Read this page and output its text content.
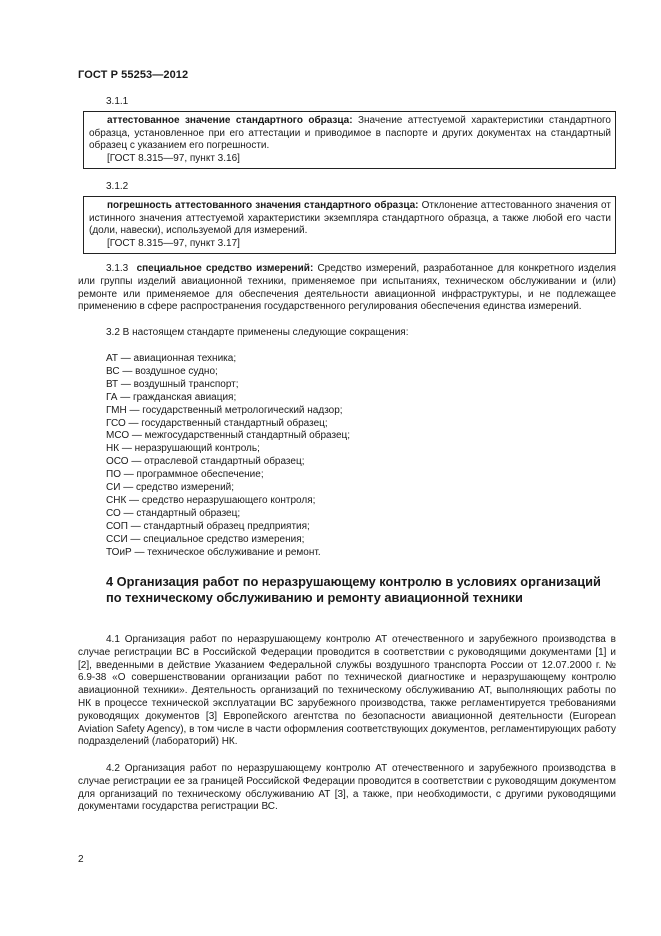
ГОСТ Р 55253—2012
3.1.1

аттестованное значение стандартного образца: Значение аттестуемой характеристики стандартного образца, установленное при его аттестации и приводимое в паспорте и других документах на стандартный образец с указанием его погрешности.

[ГОСТ 8.315—97, пункт 3.16]

3.1.2

погрешность аттестованного значения стандартного образца: Отклонение аттестованного значения от истинного значения аттестуемой характеристики экземпляра стандартного образца, а также любой его части (доли, навески), используемой для измерений.

[ГОСТ 8.315—97, пункт 3.17]

3.1.3 специальное средство измерений: Средство измерений, разработанное для конкретного изделия или группы изделий авиационной техники, применяемое при испытаниях, техническом обслуживании и (или) ремонте или применяемое для обеспечения деятельности авиационной инфраструктуры, и не подлежащее применению в сфере распространения государственного регулирования обеспечения единства измерений.

3.2 В настоящем стандарте применены следующие сокращения:

АТ — авиационная техника;
ВС — воздушное судно;
ВТ — воздушный транспорт;
ГА — гражданская авиация;
ГМН — государственный метрологический надзор;
ГСО — государственный стандартный образец;
МСО — межгосударственный стандартный образец;
НК — неразрушающий контроль;
ОСО — отраслевой стандартный образец;
ПО — программное обеспечение;
СИ — средство измерений;
СНК — средство неразрушающего контроля;
СО — стандартный образец;
СОП — стандартный образец предприятия;
ССИ — специальное средство измерения;
ТОиР — техническое обслуживание и ремонт.
4 Организация работ по неразрушающему контролю в условиях организаций по техническому обслуживанию и ремонту авиационной техники

4.1 Организация работ по неразрушающему контролю АТ отечественного и зарубежного производства в случае регистрации ВС в Российской Федерации проводится в соответствии с руководящими документами [1] и [2], введенными в действие Указанием Федеральной службы воздушного транспорта России от 12.07.2000 г. № 6.9-38 «О совершенствовании организации работ по технической диагностике и неразрушающему контролю авиационной техники». Деятельность организаций по техническому обслуживанию АТ, выполняющих работы по НК в процессе технической эксплуатации ВС зарубежного производства, также регламентируется требованиями руководящих документов [3] Европейского агентства по безопасности авиационной деятельности (European Aviation Safety Agency), в том числе в части оформления соответствующих документов, регламентирующих работу подразделений (лабораторий) НК.

4.2 Организация работ по неразрушающему контролю АТ отечественного и зарубежного производства в случае регистрации ее за границей Российской Федерации проводится в соответствии с руководящим документом для организаций по техническому обслуживанию АТ [3], а также, при необходимости, с другими руководящими документами государства регистрации ВС.

2
